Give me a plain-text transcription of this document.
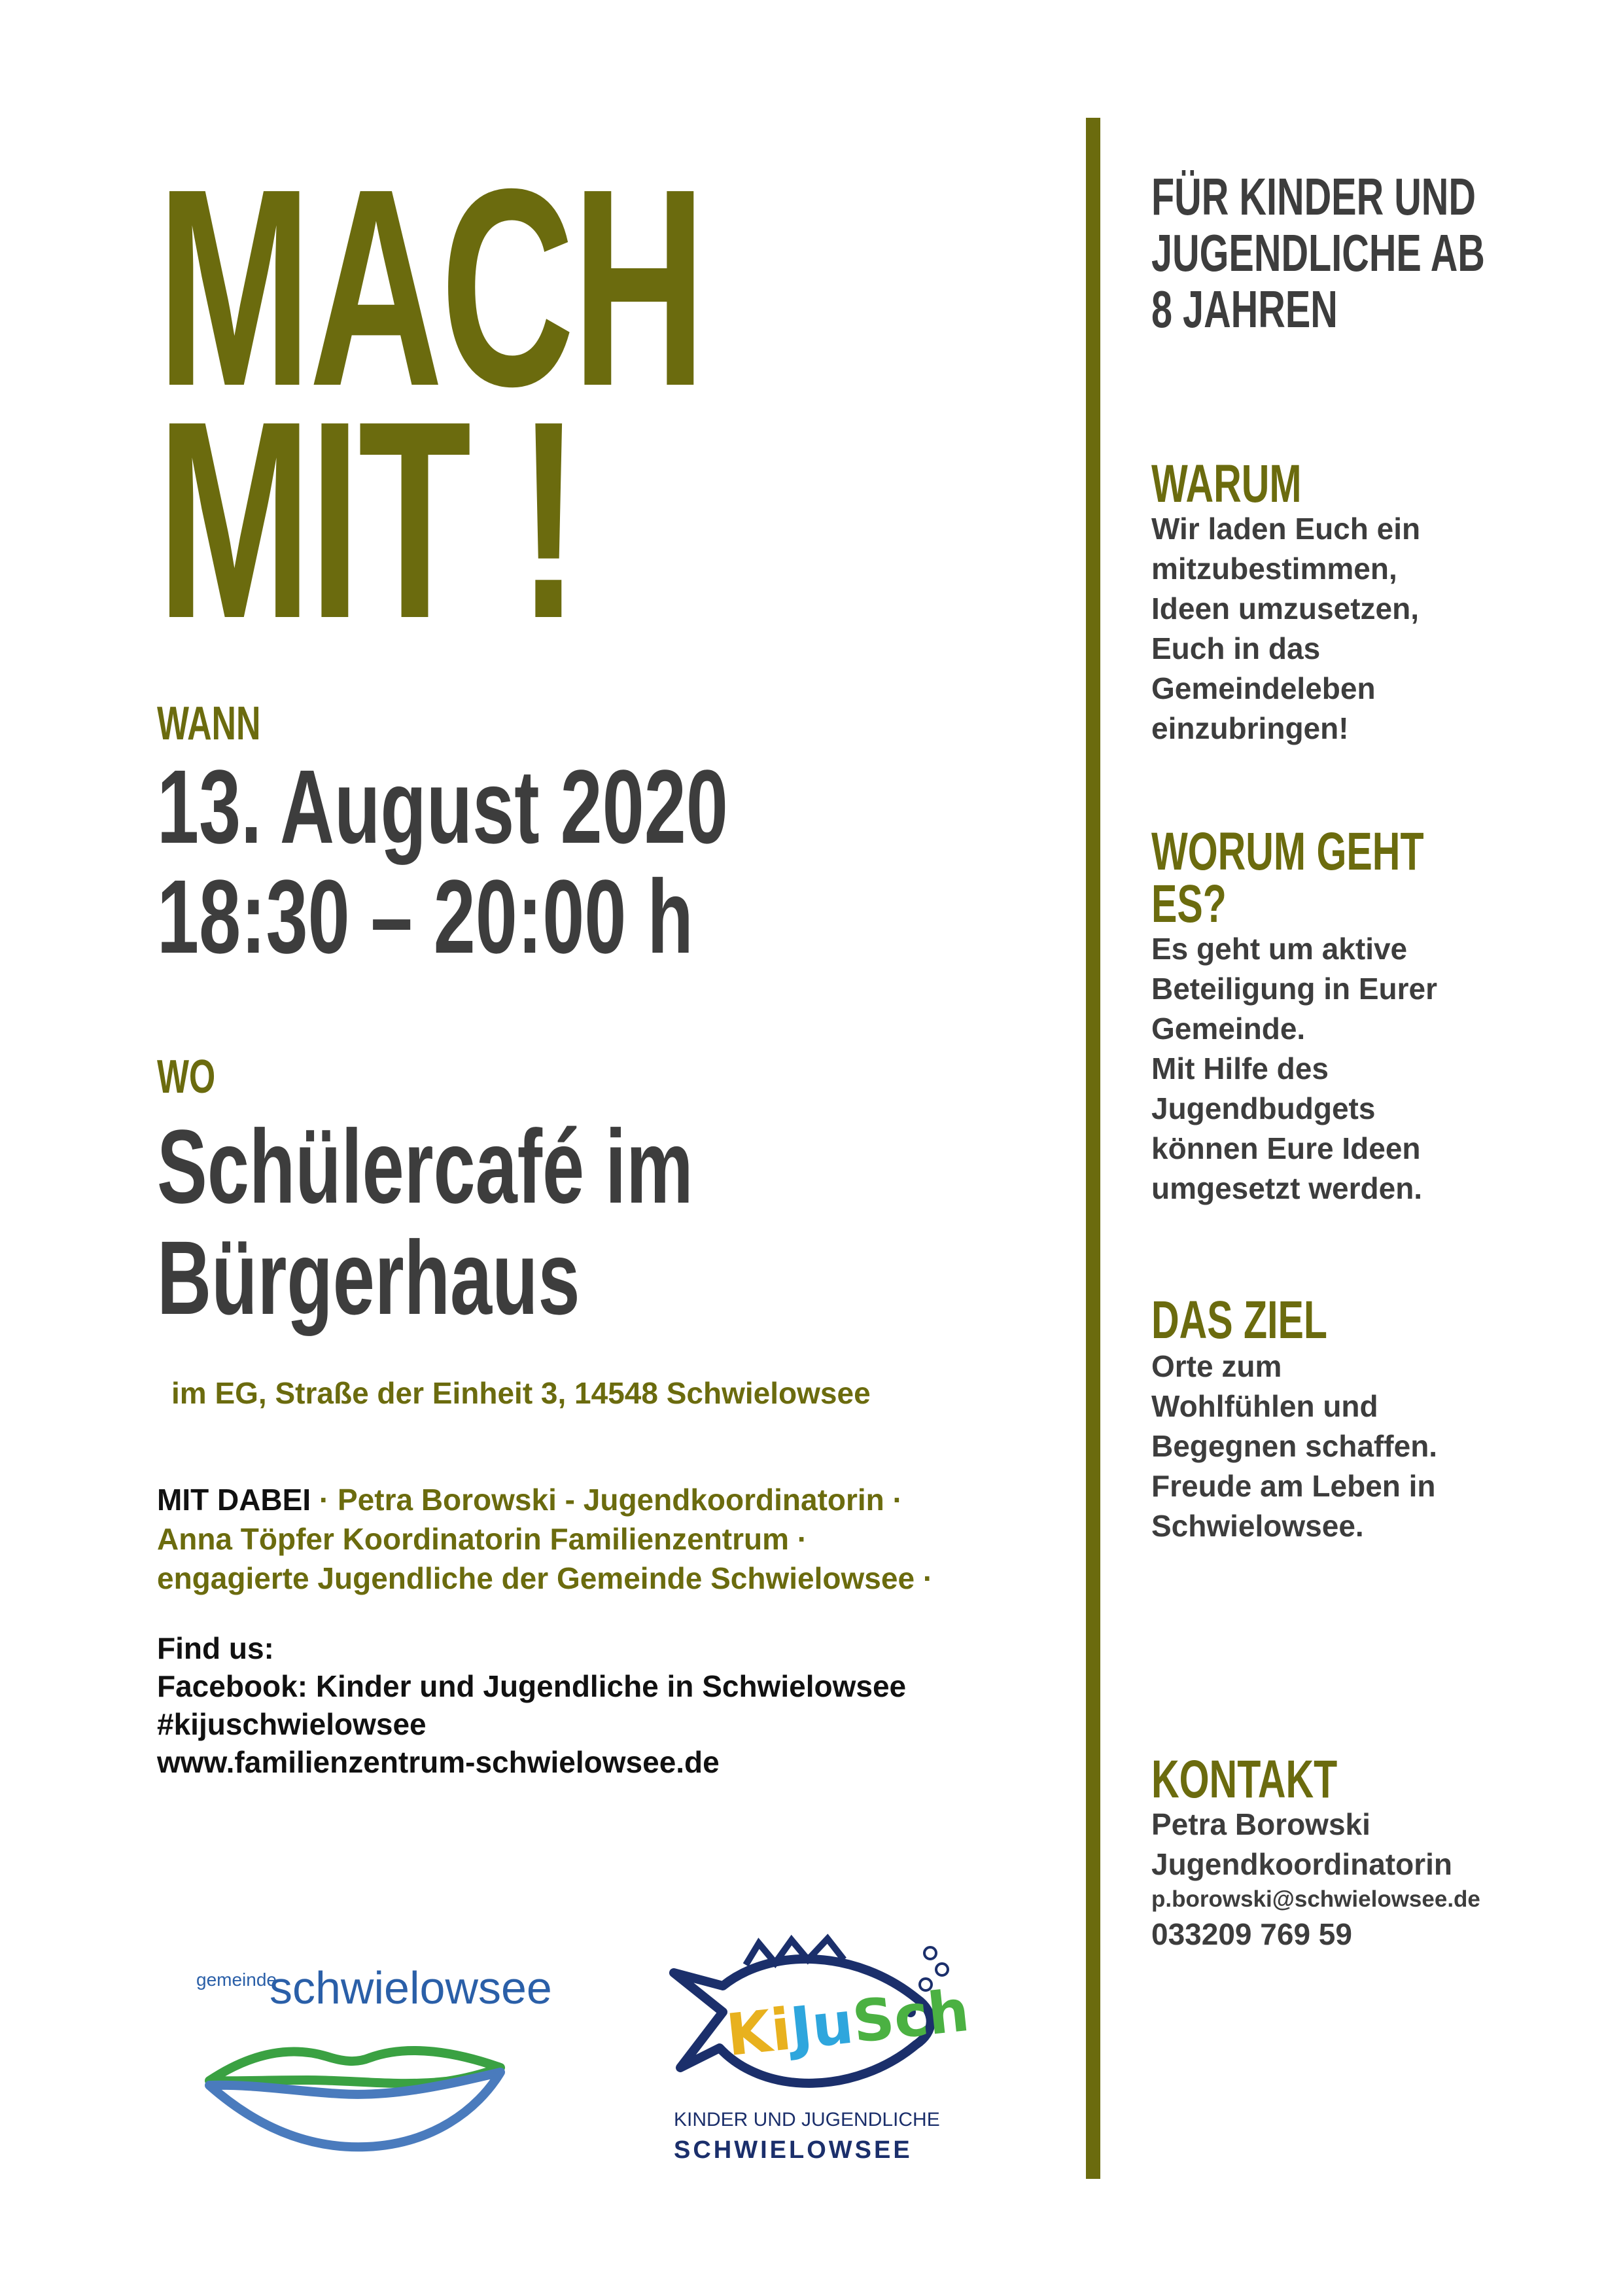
MACH
MIT !
WANN
13. August 2020
18:30 – 20:00 h
WO
Schülercafé im
Bürgerhaus
im EG, Straße der Einheit 3, 14548 Schwielowsee
MIT DABEI · Petra Borowski - Jugendkoordinatorin ·
Anna Töpfer Koordinatorin Familienzentrum ·
engagierte Jugendliche der Gemeinde Schwielowsee ·
Find us:
Facebook: Kinder und Jugendliche in Schwielowsee
#kijuschwielowsee
www.familienzentrum-schwielowsee.de
FÜR KINDER UND
JUGENDLICHE AB
8 JAHREN
WARUM
Wir laden Euch ein
mitzubestimmen,
Ideen umzusetzen,
Euch in das
Gemeindeleben
einzubringen!
WORUM GEHT
ES?
Es geht um aktive
Beteiligung in Eurer
Gemeinde.
Mit Hilfe des
Jugendbudgets
können Eure Ideen
umgesetzt werden.
DAS ZIEL
Orte zum
Wohlfühlen und
Begegnen schaffen.
Freude am Leben in
Schwielowsee.
KONTAKT
Petra Borowski
Jugendkoordinatorin
p.borowski@schwielowsee.de
033209 769 59
gemeinde
schwielowsee
KiJuSch
KINDER UND JUGENDLICHE
SCHWIELOWSEE
